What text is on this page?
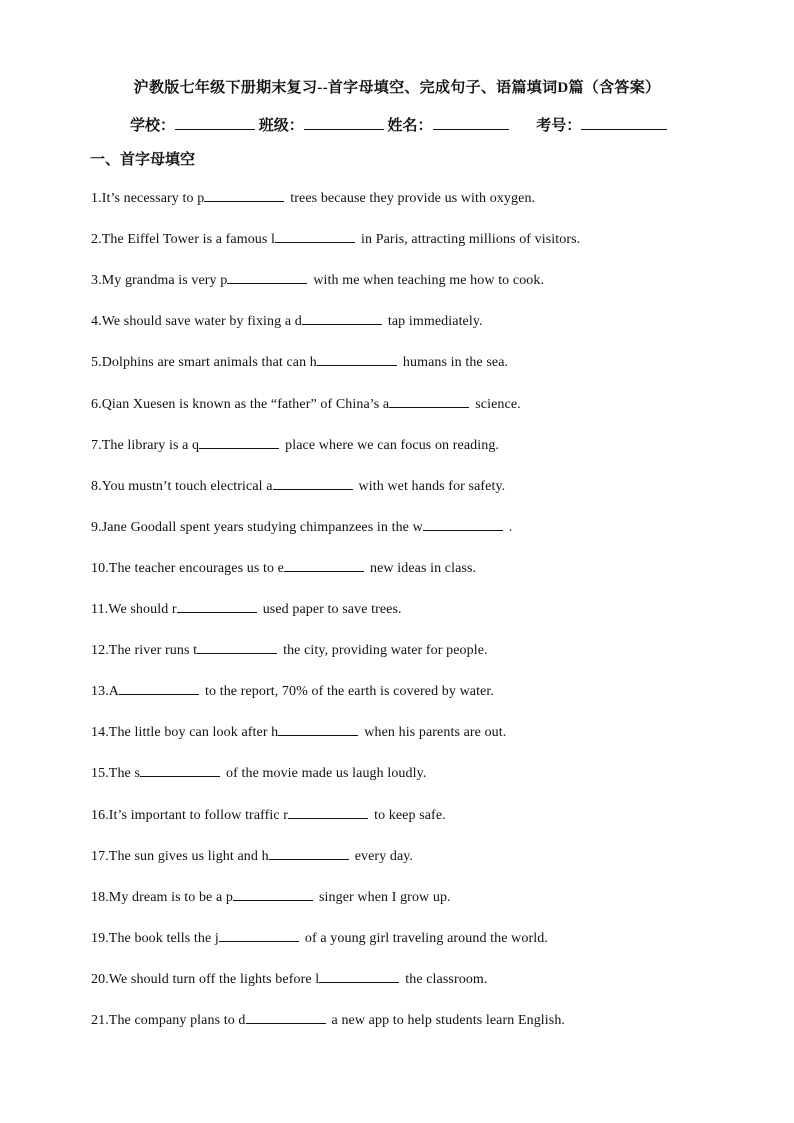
沪教版七年级下册期末复习--首字母填空、完成句子、语篇填词D篇（含答案）
学校：	班级：	姓名：	考号：
一、首字母填空
1.It’s necessary to p	trees because they provide us with oxygen.
2.The Eiffel Tower is a famous l	in Paris, attracting millions of visitors.
3.My grandma is very p	with me when teaching me how to cook.
4.We should save water by fixing a d	tap immediately.
5.Dolphins are smart animals that can h	humans in the sea.
6.Qian Xuesen is known as the “father” of China’s a	science.
7.The library is a q	place where we can focus on reading.
8.You mustn’t touch electrical a	with wet hands for safety.
9.Jane Goodall spent years studying chimpanzees in the w	.
10.The teacher encourages us to e	new ideas in class.
11.We should r	used paper to save trees.
12.The river runs t	the city, providing water for people.
13.A	to the report, 70% of the earth is covered by water.
14.The little boy can look after h	when his parents are out.
15.The s	of the movie made us laugh loudly.
16.It’s important to follow traffic r	to keep safe.
17.The sun gives us light and h	every day.
18.My dream is to be a p	singer when I grow up.
19.The book tells the j	of a young girl traveling around the world.
20.We should turn off the lights before l	the classroom.
21.The company plans to d	a new app to help students learn English.
